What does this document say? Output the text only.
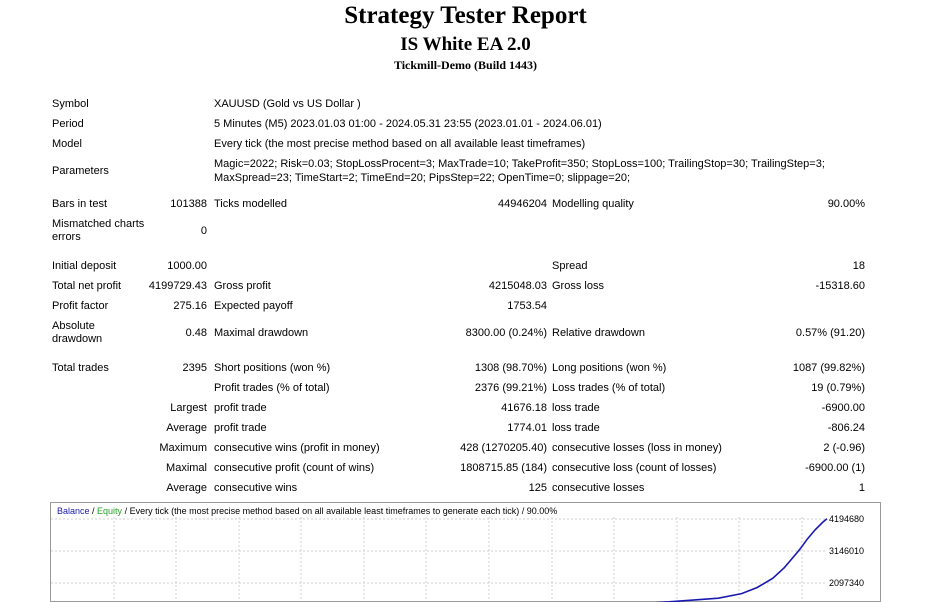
Strategy Tester Report
IS White EA 2.0
Tickmill-Demo (Build 1443)
Symbol	XAUUSD (Gold vs US Dollar )
Period	5 Minutes (M5) 2023.01.03 01:00 - 2024.05.31 23:55 (2023.01.01 - 2024.06.01)
Model	Every tick (the most precise method based on all available least timeframes)
Parameters
Magic=2022; Risk=0.03; StopLossProcent=3; MaxTrade=10; TakeProfit=350; StopLoss=100; TrailingStop=30; TrailingStep=3;
MaxSpread=23; TimeStart=2; TimeEnd=20; PipsStep=22; OpenTime=0; slippage=20;
Bars in test	101388 Ticks modelled	44946204 Modelling quality	90.00%
Mismatched charts
errors	0
Initial deposit	1000.00	Spread	18
Total net profit	4199729.43 Gross profit	4215048.03 Gross loss	-15318.60
Profit factor	275.16 Expected payoff	1753.54
Absolute
drawdown	0.48 Maximal drawdown	8300.00 (0.24%) Relative drawdown	0.57% (91.20)
Total trades	2395 Short positions (won %)	1308 (98.70%) Long positions (won %)	1087 (99.82%)
Profit trades (% of total)	2376 (99.21%) Loss trades (% of total)	19 (0.79%)
Largest profit trade	41676.18 loss trade	-6900.00
Average profit trade	1774.01 loss trade	-806.24
Maximum consecutive wins (profit in money)	428 (1270205.40) consecutive losses (loss in money)	2 (-0.96)
Maximal consecutive profit (count of wins)	1808715.85 (184) consecutive loss (count of losses)	-6900.00 (1)
Average consecutive wins	125 consecutive losses	1
Balance / Equity / Every tick (the most precise method based on all available least timeframes to generate each tick) / 90.00%
4194680
3146010
2097340
